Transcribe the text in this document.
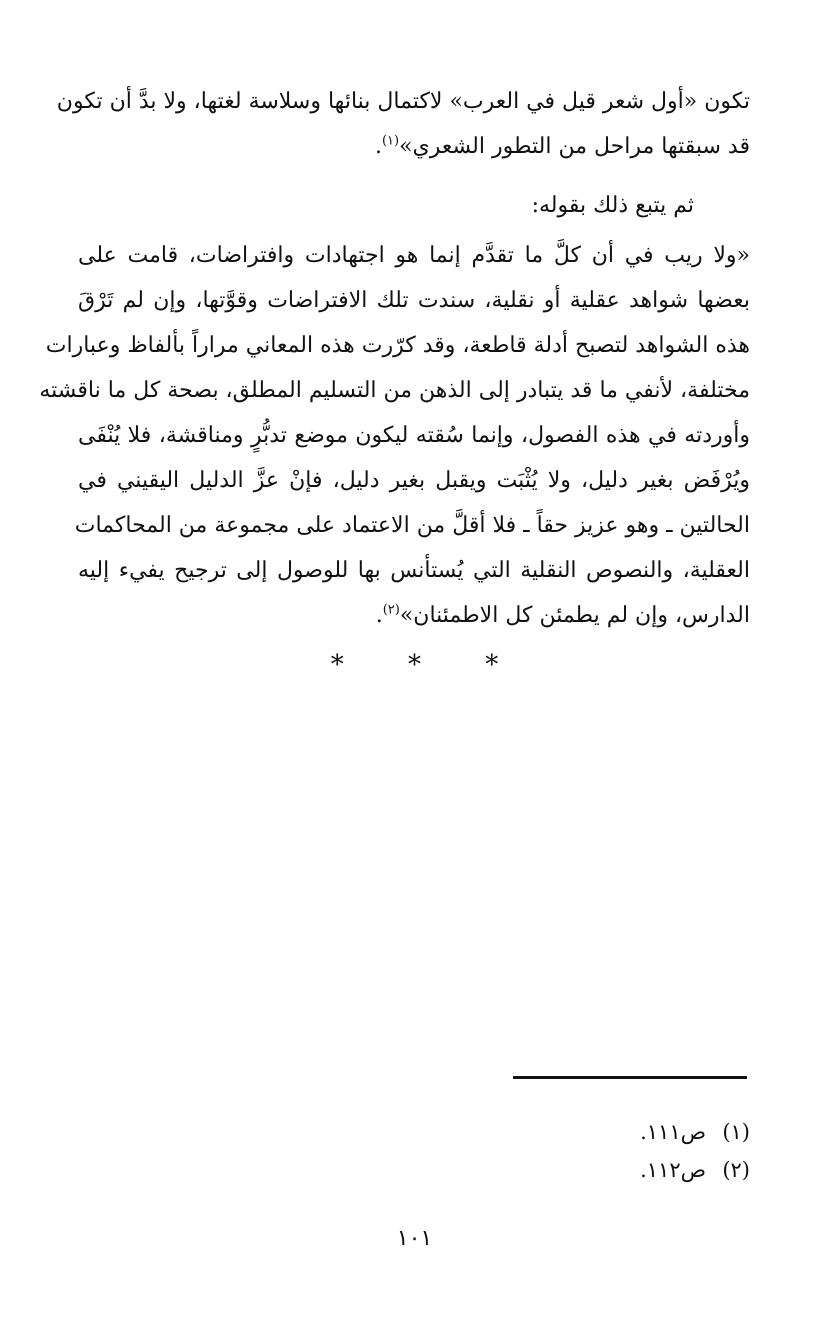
تكون «أول شعر قيل في العرب» لاكتمال بنائها وسلاسة لغتها، ولا بدَّ أن تكون
قد سبقتها مراحل من التطور الشعري»$^{(١)}$.
ثم يتبع ذلك بقوله:
«ولا ريب في أن كلَّ ما تقدَّم إنما هو اجتهادات وافتراضات، قامت على
بعضها شواهد عقلية أو نقلية، سندت تلك الافتراضات وقوَّتها، وإن لم تَرْقَ
هذه الشواهد لتصبح أدلة قاطعة، وقد كرّرت هذه المعاني مراراً بألفاظ وعبارات
مختلفة، لأنفي ما قد يتبادر إلى الذهن من التسليم المطلق، بصحة كل ما ناقشته
وأوردته في هذه الفصول، وإنما سُقته ليكون موضع تدبُّرٍ ومناقشة، فلا يُنْفَى
ويُرْفَض بغير دليل، ولا يُثْبَت ويقبل بغير دليل، فإنْ عزَّ الدليل اليقيني في
الحالتين ـ وهو عزيز حقاً ـ فلا أقلَّ من الاعتماد على مجموعة من المحاكمات
العقلية، والنصوص النقلية التي يُستأنس بها للوصول إلى ترجيح يفيء إليه
الدارس، وإن لم يطمئن كل الاطمئنان»$^{(٢)}$.
* * *
(١)ص١١١.
(٢)ص١١٢.
١٠١
